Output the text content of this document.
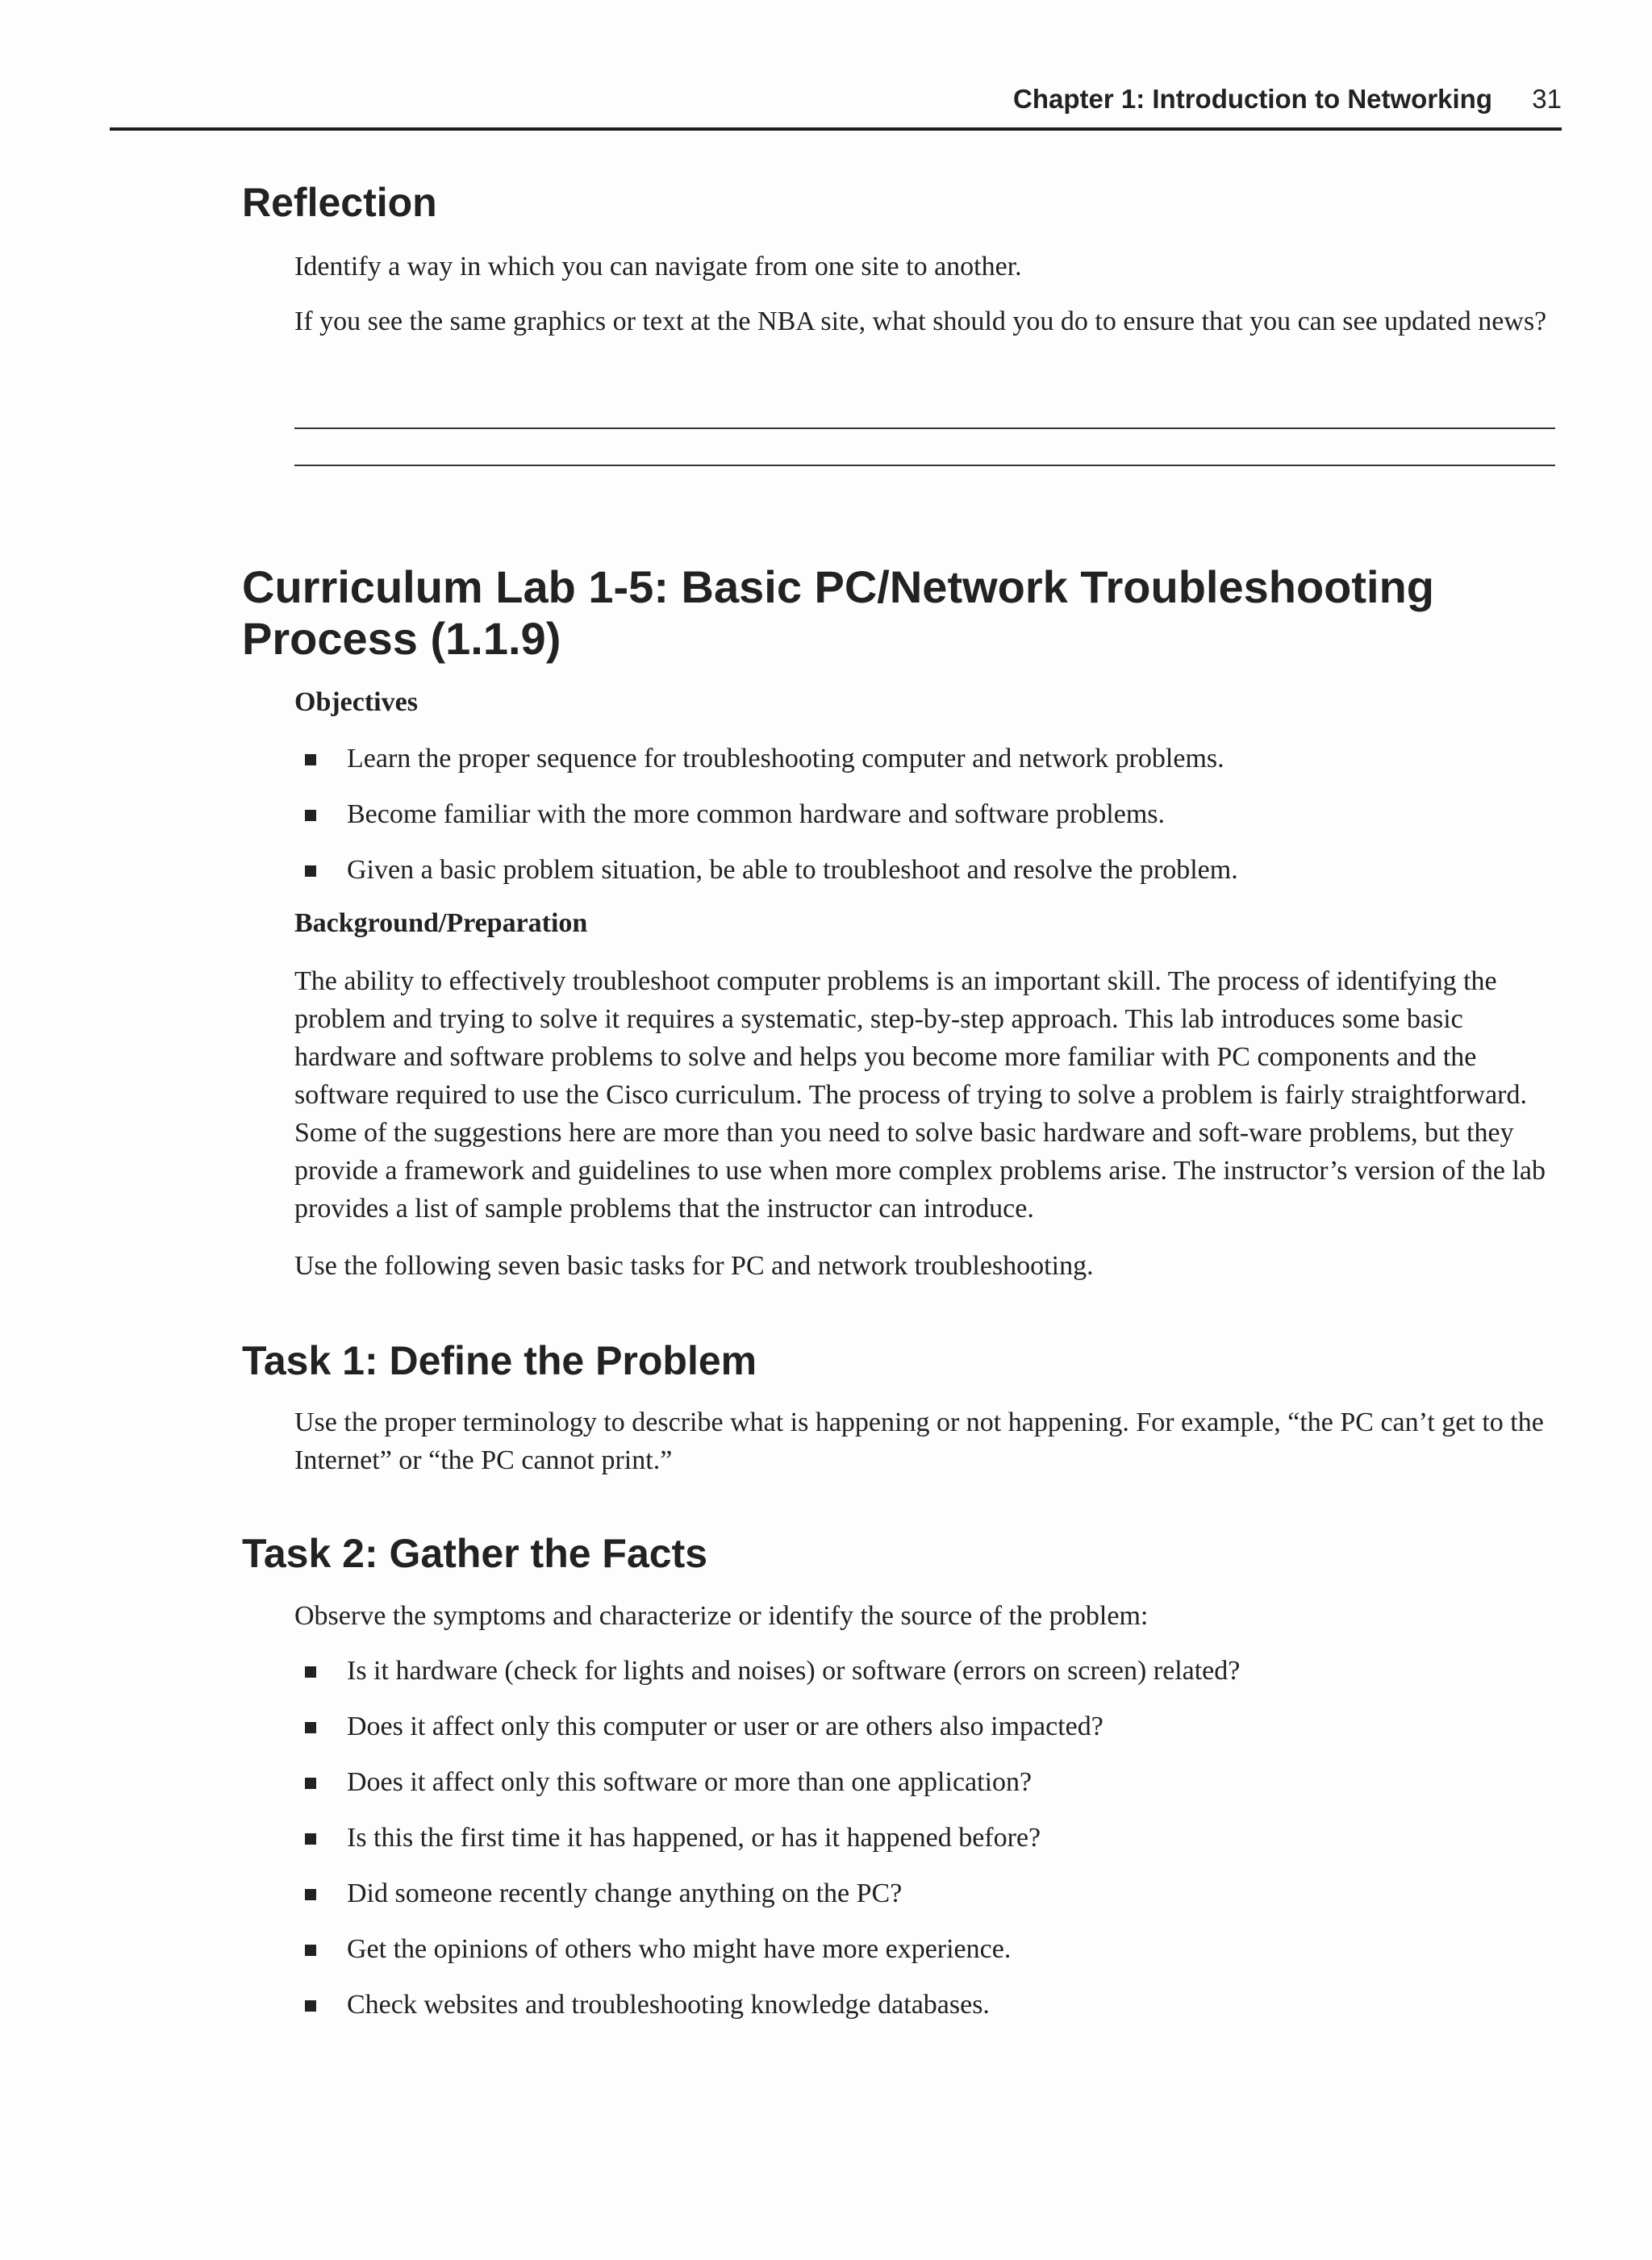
Chapter 1: Introduction to Networking 31
Reflection

Identify a way in which you can navigate from one site to another.

If you see the same graphics or text at the NBA site, what should you do to ensure that you can see updated news?

Curriculum Lab 1-5: Basic PC/Network Troubleshooting Process (1.1.9)

Objectives

Learn the proper sequence for troubleshooting computer and network problems.
Become familiar with the more common hardware and software problems.
Given a basic problem situation, be able to troubleshoot and resolve the problem.

Background/Preparation

The ability to effectively troubleshoot computer problems is an important skill. The process of identifying the problem and trying to solve it requires a systematic, step-by-step approach. This lab introduces some basic hardware and software problems to solve and helps you become more familiar with PC components and the software required to use the Cisco curriculum. The process of trying to solve a problem is fairly straightforward. Some of the suggestions here are more than you need to solve basic hardware and soft-ware problems, but they provide a framework and guidelines to use when more complex problems arise. The instructor’s version of the lab provides a list of sample problems that the instructor can introduce.

Use the following seven basic tasks for PC and network troubleshooting.

Task 1: Define the Problem

Use the proper terminology to describe what is happening or not happening. For example, “the PC can’t get to the Internet” or “the PC cannot print.”

Task 2: Gather the Facts

Observe the symptoms and characterize or identify the source of the problem:

Is it hardware (check for lights and noises) or software (errors on screen) related?
Does it affect only this computer or user or are others also impacted?
Does it affect only this software or more than one application?
Is this the first time it has happened, or has it happened before?
Did someone recently change anything on the PC?
Get the opinions of others who might have more experience.
Check websites and troubleshooting knowledge databases.
